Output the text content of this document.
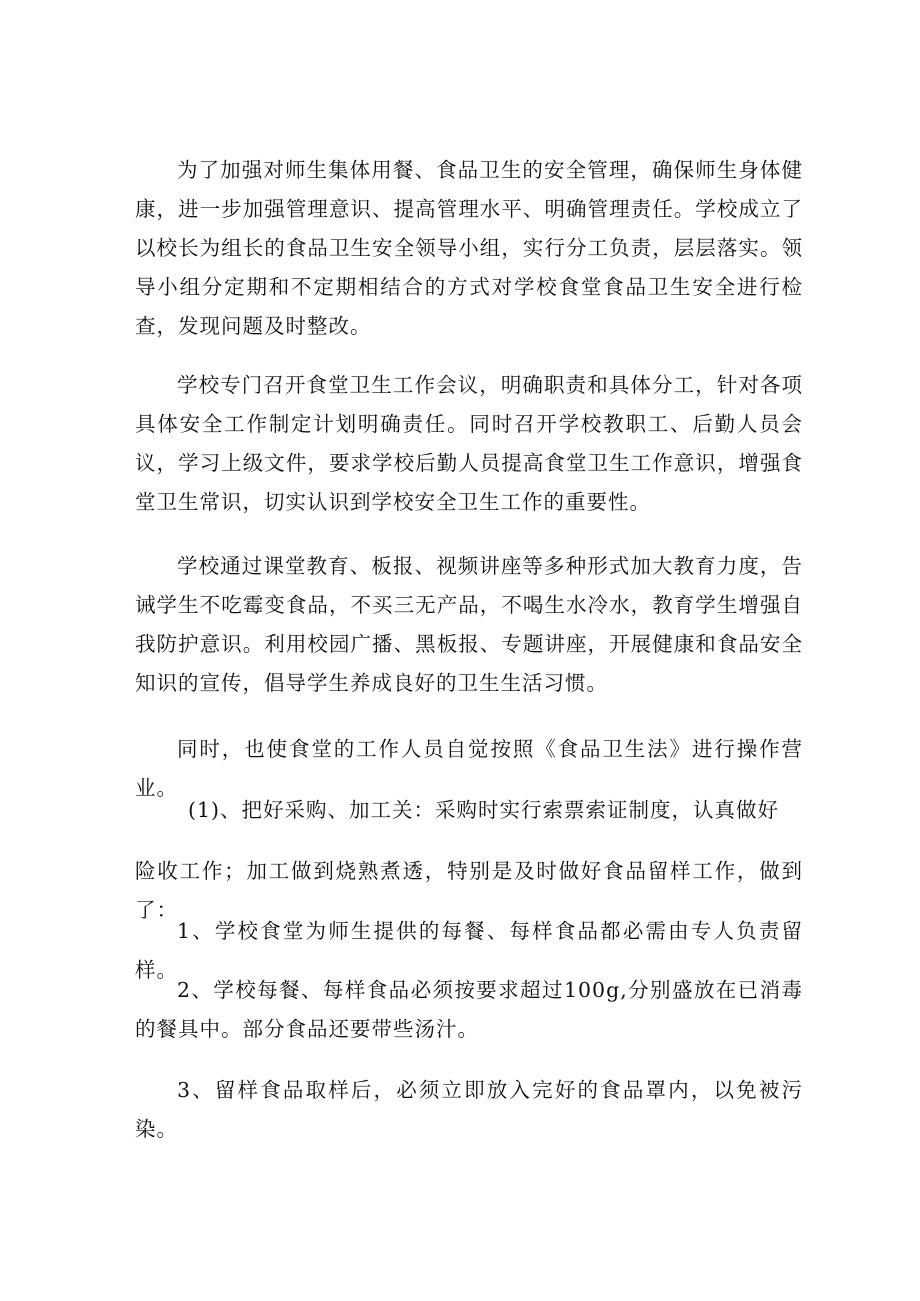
为了加强对师生集体用餐、食品卫生的安全管理，确保师生身体健康，进一步加强管理意识、提高管理水平、明确管理责任。学校成立了以校长为组长的食品卫生安全领导小组，实行分工负责，层层落实。领导小组分定期和不定期相结合的方式对学校食堂食品卫生安全进行检查，发现问题及时整改。

学校专门召开食堂卫生工作会议，明确职责和具体分工，针对各项具体安全工作制定计划明确责任。同时召开学校教职工、后勤人员会议，学习上级文件，要求学校后勤人员提高食堂卫生工作意识，增强食堂卫生常识，切实认识到学校安全卫生工作的重要性。

学校通过课堂教育、板报、视频讲座等多种形式加大教育力度，告诫学生不吃霉变食品，不买三无产品，不喝生水冷水，教育学生增强自我防护意识。利用校园广播、黑板报、专题讲座，开展健康和食品安全知识的宣传，倡导学生养成良好的卫生生活习惯。

同时，也使食堂的工作人员自觉按照《食品卫生法》进行操作营业。

(1)、把好采购、加工关：采购时实行索票索证制度，认真做好

险收工作；加工做到烧熟煮透，特别是及时做好食品留样工作，做到了：

1、学校食堂为师生提供的每餐、每样食品都必需由专人负责留样。

2、学校每餐、每样食品必须按要求超过100g,分别盛放在已消毒的餐具中。部分食品还要带些汤汁。

3、留样食品取样后，必须立即放入完好的食品罩内，以免被污染。
